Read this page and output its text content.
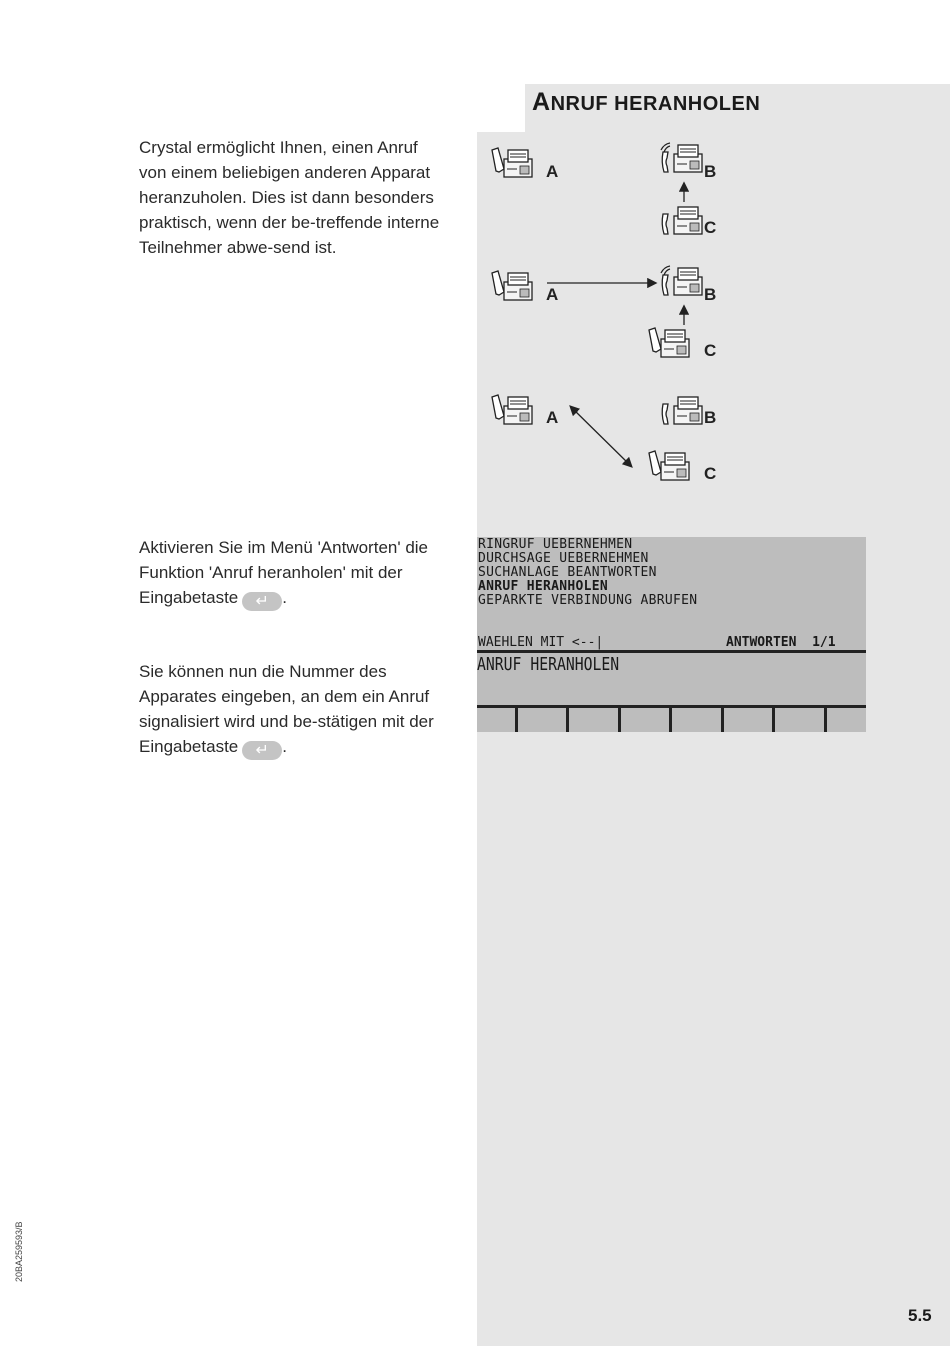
ANRUF HERANHOLEN
Crystal ermöglicht Ihnen, einen Anruf von einem beliebigen anderen Apparat heranzuholen. Dies ist dann besonders praktisch, wenn der be-treffende interne Teilnehmer abwe-send ist.
Aktivieren Sie im Menü 'Antworten' die Funktion 'Anruf heranholen' mit der Eingabetaste ↵ .
Sie können nun die Nummer des Apparates eingeben, an dem ein Anruf signalisiert wird und be-stätigen mit der Eingabetaste ↵ .
A	B
C
A	B
C
A	B
C
RINGRUF UEBERNEHMEN
DURCHSAGE UEBERNEHMEN
SUCHANLAGE BEANTWORTEN
ANRUF HERANHOLEN
GEPARKTE VERBINDUNG ABRUFEN
WAEHLEN MIT <--|	ANTWORTEN  1/1
ANRUF HERANHOLEN
20BA259593/B
5.5
